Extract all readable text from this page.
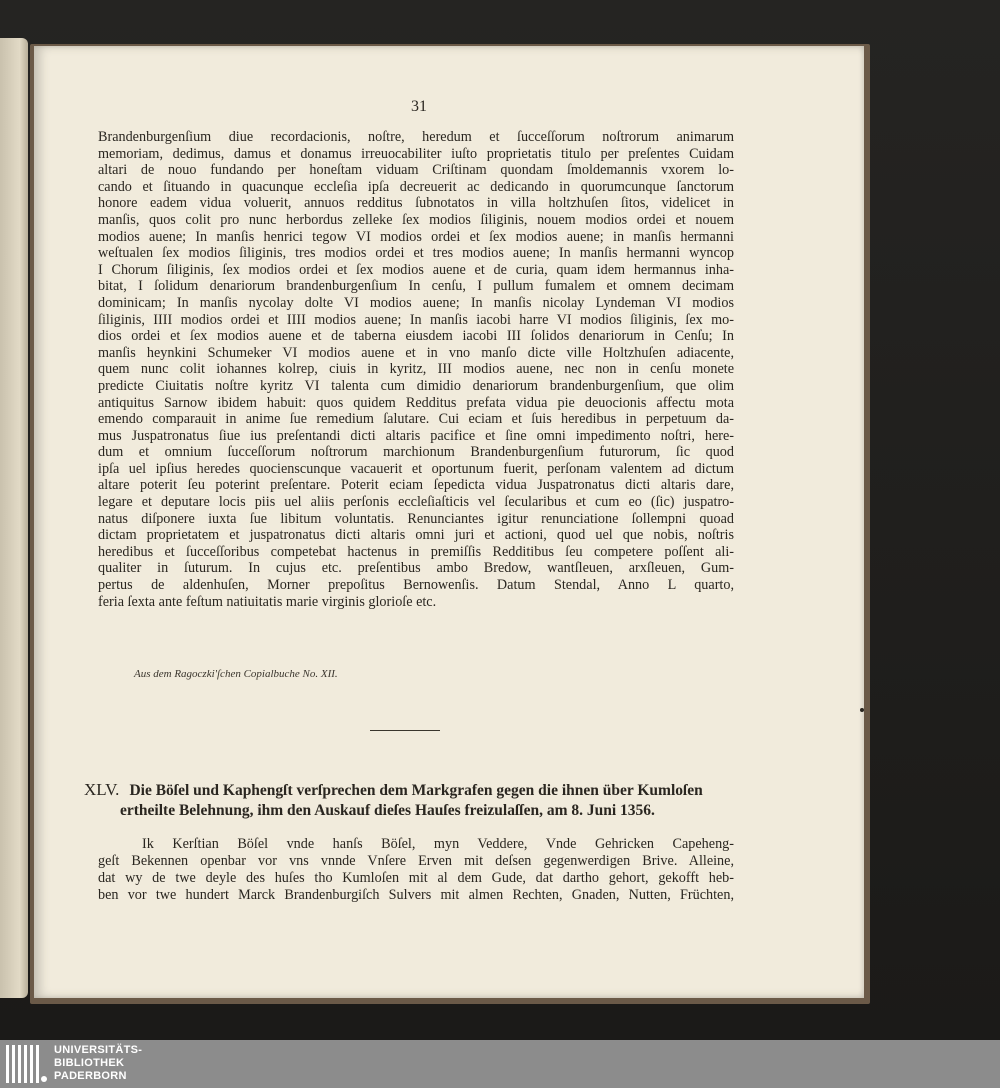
31
Brandenburgenſium diue recordacionis, noſtre, heredum et ſucceſſorum noſtrorum animarum
memoriam, dedimus, damus et donamus irreuocabiliter iuſto proprietatis titulo per preſentes Cuidam
altari de nouo fundando per honeſtam viduam Criſtinam quondam ſmoldemannis vxorem lo-
cando et ſituando in quacunque eccleſia ipſa decreuerit ac dedicando in quorumcunque ſanctorum
honore eadem vidua voluerit, annuos redditus ſubnotatos in villa holtzhuſen ſitos, videlicet in
manſis, quos colit pro nunc herbordus zelleke ſex modios ſiliginis, nouem modios ordei et nouem
modios auene; In manſis henrici tegow VI modios ordei et ſex modios auene; in manſis hermanni
weſtualen ſex modios ſiliginis, tres modios ordei et tres modios auene; In manſis hermanni wyncop
I Chorum ſiliginis, ſex modios ordei et ſex modios auene et de curia, quam idem hermannus inha-
bitat, I ſolidum denariorum brandenburgenſium In cenſu, I pullum fumalem et omnem decimam
dominicam; In manſis nycolay dolte VI modios auene; In manſis nicolay Lyndeman VI modios
ſiliginis, IIII modios ordei et IIII modios auene; In manſis iacobi harre VI modios ſiliginis, ſex mo-
dios ordei et ſex modios auene et de taberna eiusdem iacobi III ſolidos denariorum in Cenſu; In
manſis heynkini Schumeker VI modios auene et in vno manſo dicte ville Holtzhuſen adiacente,
quem nunc colit iohannes kolrep, ciuis in kyritz, III modios auene, nec non in cenſu monete
predicte Ciuitatis noſtre kyritz VI talenta cum dimidio denariorum brandenburgenſium, que olim
antiquitus Sarnow ibidem habuit: quos quidem Redditus prefata vidua pie deuocionis affectu mota
emendo comparauit in anime ſue remedium ſalutare. Cui eciam et ſuis heredibus in perpetuum da-
mus Juspatronatus ſiue ius preſentandi dicti altaris pacifice et ſine omni impedimento noſtri, here-
dum et omnium ſucceſſorum noſtrorum marchionum Brandenburgenſium futurorum, ſic quod
ipſa uel ipſius heredes quocienscunque vacauerit et oportunum fuerit, perſonam valentem ad dictum
altare poterit ſeu poterint preſentare. Poterit eciam ſepedicta vidua Juspatronatus dicti altaris dare,
legare et deputare locis piis uel aliis perſonis eccleſiaſticis vel ſecularibus et cum eo (ſic) juspatro-
natus diſponere iuxta ſue libitum voluntatis. Renunciantes igitur renunciatione ſollempni quoad
dictam proprietatem et juspatronatus dicti altaris omni juri et actioni, quod uel que nobis, noſtris
heredibus et ſucceſſoribus competebat hactenus in premiſſis Redditibus ſeu competere poſſent ali-
qualiter in ſuturum. In cujus etc. preſentibus ambo Bredow, wantſleuen, arxſleuen, Gum-
pertus de aldenhuſen, Morner prepoſitus Bernowenſis. Datum Stendal, Anno L quarto,
feria ſexta ante feſtum natiuitatis marie virginis glorioſe etc.
Aus dem Ragoczki'ſchen Copialbuche No. XII.
XLV. Die Böſel und Kaphengſt verſprechen dem Markgrafen gegen die ihnen über Kumloſen
ertheilte Belehnung, ihm den Auskauf dieſes Hauſes freizulaſſen, am 8. Juni 1356.
Ik Kerſtian Böſel vnde hanſs Böſel, myn Veddere, Vnde Gehricken Capeheng-
geſt Bekennen openbar vor vns vnnde Vnſere Erven mit deſsen gegenwerdigen Brive. Alleine,
dat wy de twe deyle des huſes tho Kumloſen mit al dem Gude, dat dartho gehort, gekofft heb-
ben vor twe hundert Marck Brandenburgiſch Sulvers mit almen Rechten, Gnaden, Nutten, Früchten,
UNIVERSITÄTS-
BIBLIOTHEK
PADERBORN
